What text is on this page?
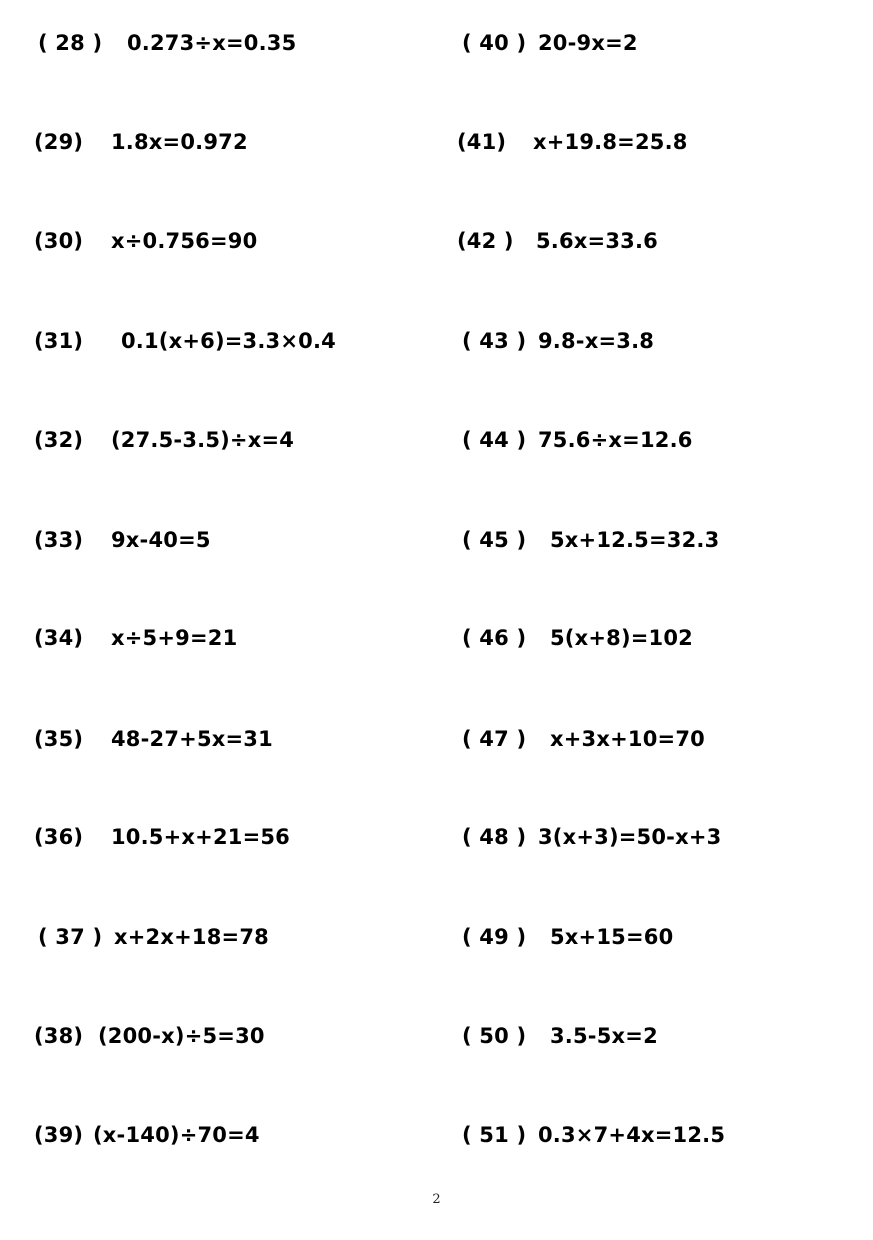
( 28 )

0.273÷x=0.35

	( 40 )

20-9x=2

(29)

1.8x=0.972

	(41)

x+19.8=25.8

(30)

x÷0.756=90

	(42 )

5.6x=33.6

(31)

0.1(x+6)=3.3×0.4

	( 43 )

9.8-x=3.8

(32)

(27.5-3.5)÷x=4

	( 44 )

75.6÷x=12.6

(33)

9x-40=5

	( 45 )

5x+12.5=32.3

(34)

x÷5+9=21

	( 46 )

5(x+8)=102

(35)

48-27+5x=31

	( 47 )

x+3x+10=70

(36)

10.5+x+21=56

	( 48 )

3(x+3)=50-x+3

( 37 )

x+2x+18=78

	( 49 )

5x+15=60

(38)

(200-x)÷5=30

	( 50 )

3.5-5x=2

(39)

(x-140)÷70=4

	( 51 )

0.3×7+4x=12.5

2
